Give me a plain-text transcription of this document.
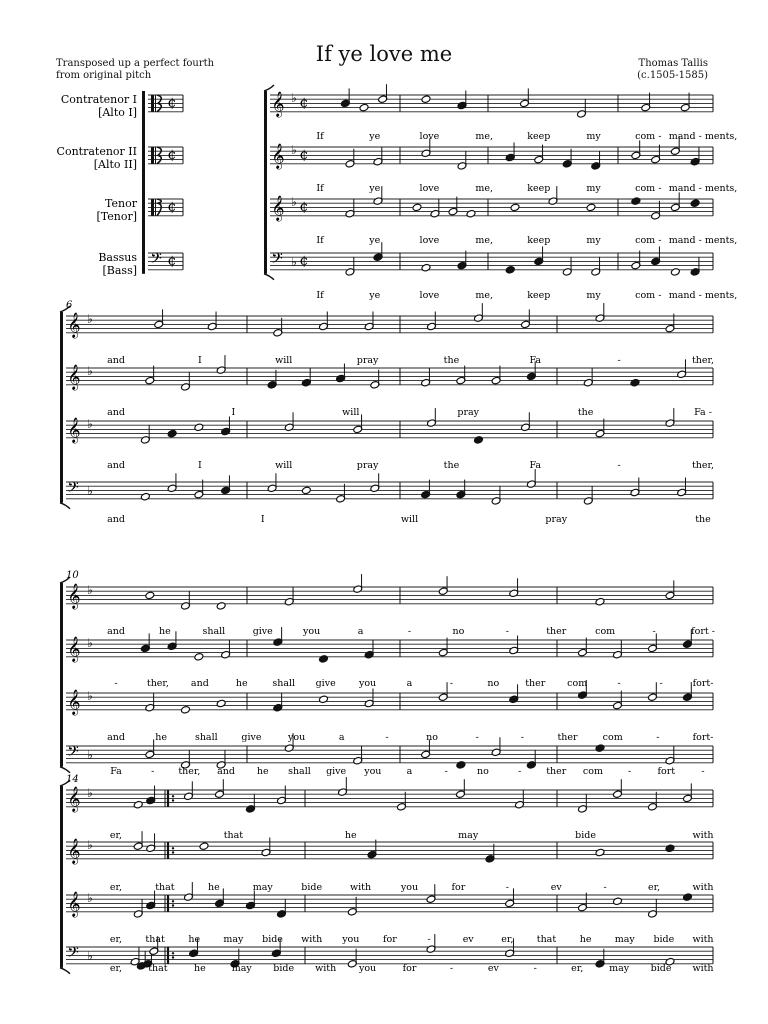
Transposed up a perfect fourth
from original pitch
If ye love me	Thomas Tallis
(c.1505-1585)
𝄞 ♭ ¢
If	ye	love	me,	keep	my	com - mand - ments,
𝄞 ♭ ¢
If	ye	love	me,	keep	my	com - mand - ments,
𝄞 ♭ ¢
If	ye	love	me,	keep	my	com - mand - ments,
𝄢 ♭ ¢
If	ye	love	me,	keep	my	com - mand - ments,
6
𝄞 ♭
and	I	will	pray	the	Fa	-	ther,
𝄞 ♭
and	I	will	pray	the	Fa -
𝄞 ♭
and	I	will	pray	the	Fa	-	ther,
𝄢 ♭
and	I	will	pray	the
10
𝄞 ♭
and	he	shall	give	you	a	-	no	-	ther	com	-	fort -
𝄞 ♭
-	ther, and	he	shall give you	a	-	no	ther com	-	-	fort-
𝄞 ♭
and	he	shall give	you	a	-	no	-	-	ther	com	-	fort-
𝄢 ♭
Fa	-	ther, and he shall give you	a	-	no	-	ther com	-	fort	-
14
𝄞 ♭
er,	that	he	may	bide	with
𝄞 ♭
er,	that	he	may	bide	with	you	for	-	ev	-	er,	with
𝄞 ♭
er, that he may bide with you for	-	ev	er, that he may bide with
𝄢 ♭
er,	that	he	may bide with you	for	-	ev	-	er,	may bide with
¢
Contratenor I
[Alto I]
¢
Contratenor II
[Alto II]
¢
Tenor
[Tenor]
𝄢 ¢
Bassus
[Bass]
